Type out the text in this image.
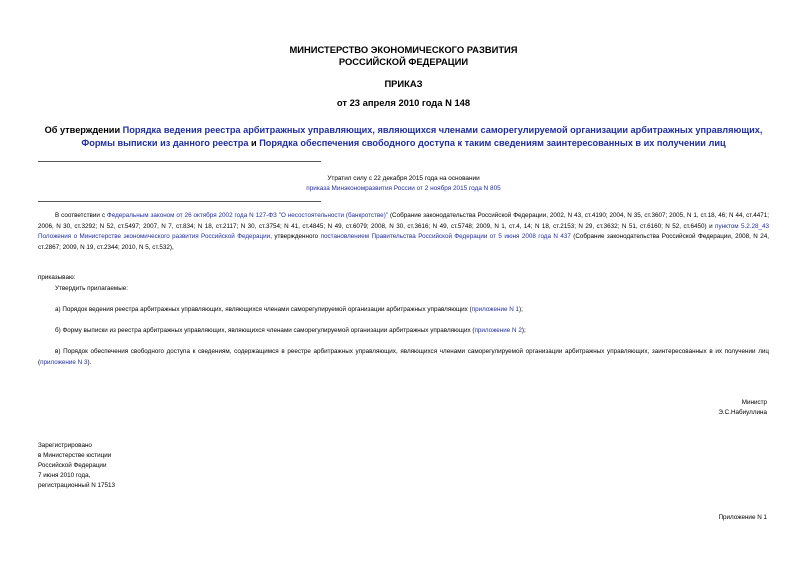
МИНИСТЕРСТВО ЭКОНОМИЧЕСКОГО РАЗВИТИЯ
РОССИЙСКОЙ ФЕДЕРАЦИИ
ПРИКАЗ
от 23 апреля 2010 года N 148
Об утверждении Порядка ведения реестра арбитражных управляющих, являющихся членами саморегулируемой организации арбитражных управляющих, Формы выписки из данного реестра и Порядка обеспечения свободного доступа к таким сведениям заинтересованных в их получении лиц
Утратил силу с 22 декабря 2015 года на основании
приказа Минэкономразвития России от 2 ноября 2015 года N 805
В соответствии с Федеральным законом от 26 октября 2002 года N 127-ФЗ "О несостоятельности (банкротстве)" (Собрание законодательства Российской Федерации, 2002, N 43, ст.4190; 2004, N 35, ст.3607; 2005, N 1, ст.18, 46; N 44, ст.4471; 2006, N 30, ст.3292; N 52, ст.5497; 2007, N 7, ст.834; N 18, ст.2117; N 30, ст.3754; N 41, ст.4845; N 49, ст.6079; 2008, N 30, ст.3616; N 49, ст.5748; 2009, N 1, ст.4, 14; N 18, ст.2153; N 29, ст.3632; N 51, ст.6160; N 52, ст.6450) и пунктом 5.2.28_43 Положения о Министерстве экономического развития Российской Федерации, утвержденного постановлением Правительства Российской Федерации от 5 июня 2008 года N 437 (Собрание законодательства Российской Федерации, 2008, N 24, ст.2867; 2009, N 19, ст.2344; 2010, N 5, ст.532),
приказываю:
Утвердить прилагаемые:
а) Порядок ведения реестра арбитражных управляющих, являющихся членами саморегулируемой организации арбитражных управляющих (приложение N 1);
б) Форму выписки из реестра арбитражных управляющих, являющихся членами саморегулируемой организации арбитражных управляющих (приложение N 2);
в) Порядок обеспечения свободного доступа к сведениям, содержащимся в реестре арбитражных управляющих, являющихся членами саморегулируемой организации арбитражных управляющих, заинтересованных в их получении лиц (приложение N 3).
Министр
Э.С.Набиуллина
Зарегистрировано
в Министерстве юстиции
Российской Федерации
7 июня 2010 года,
регистрационный N 17513
Приложение N 1
